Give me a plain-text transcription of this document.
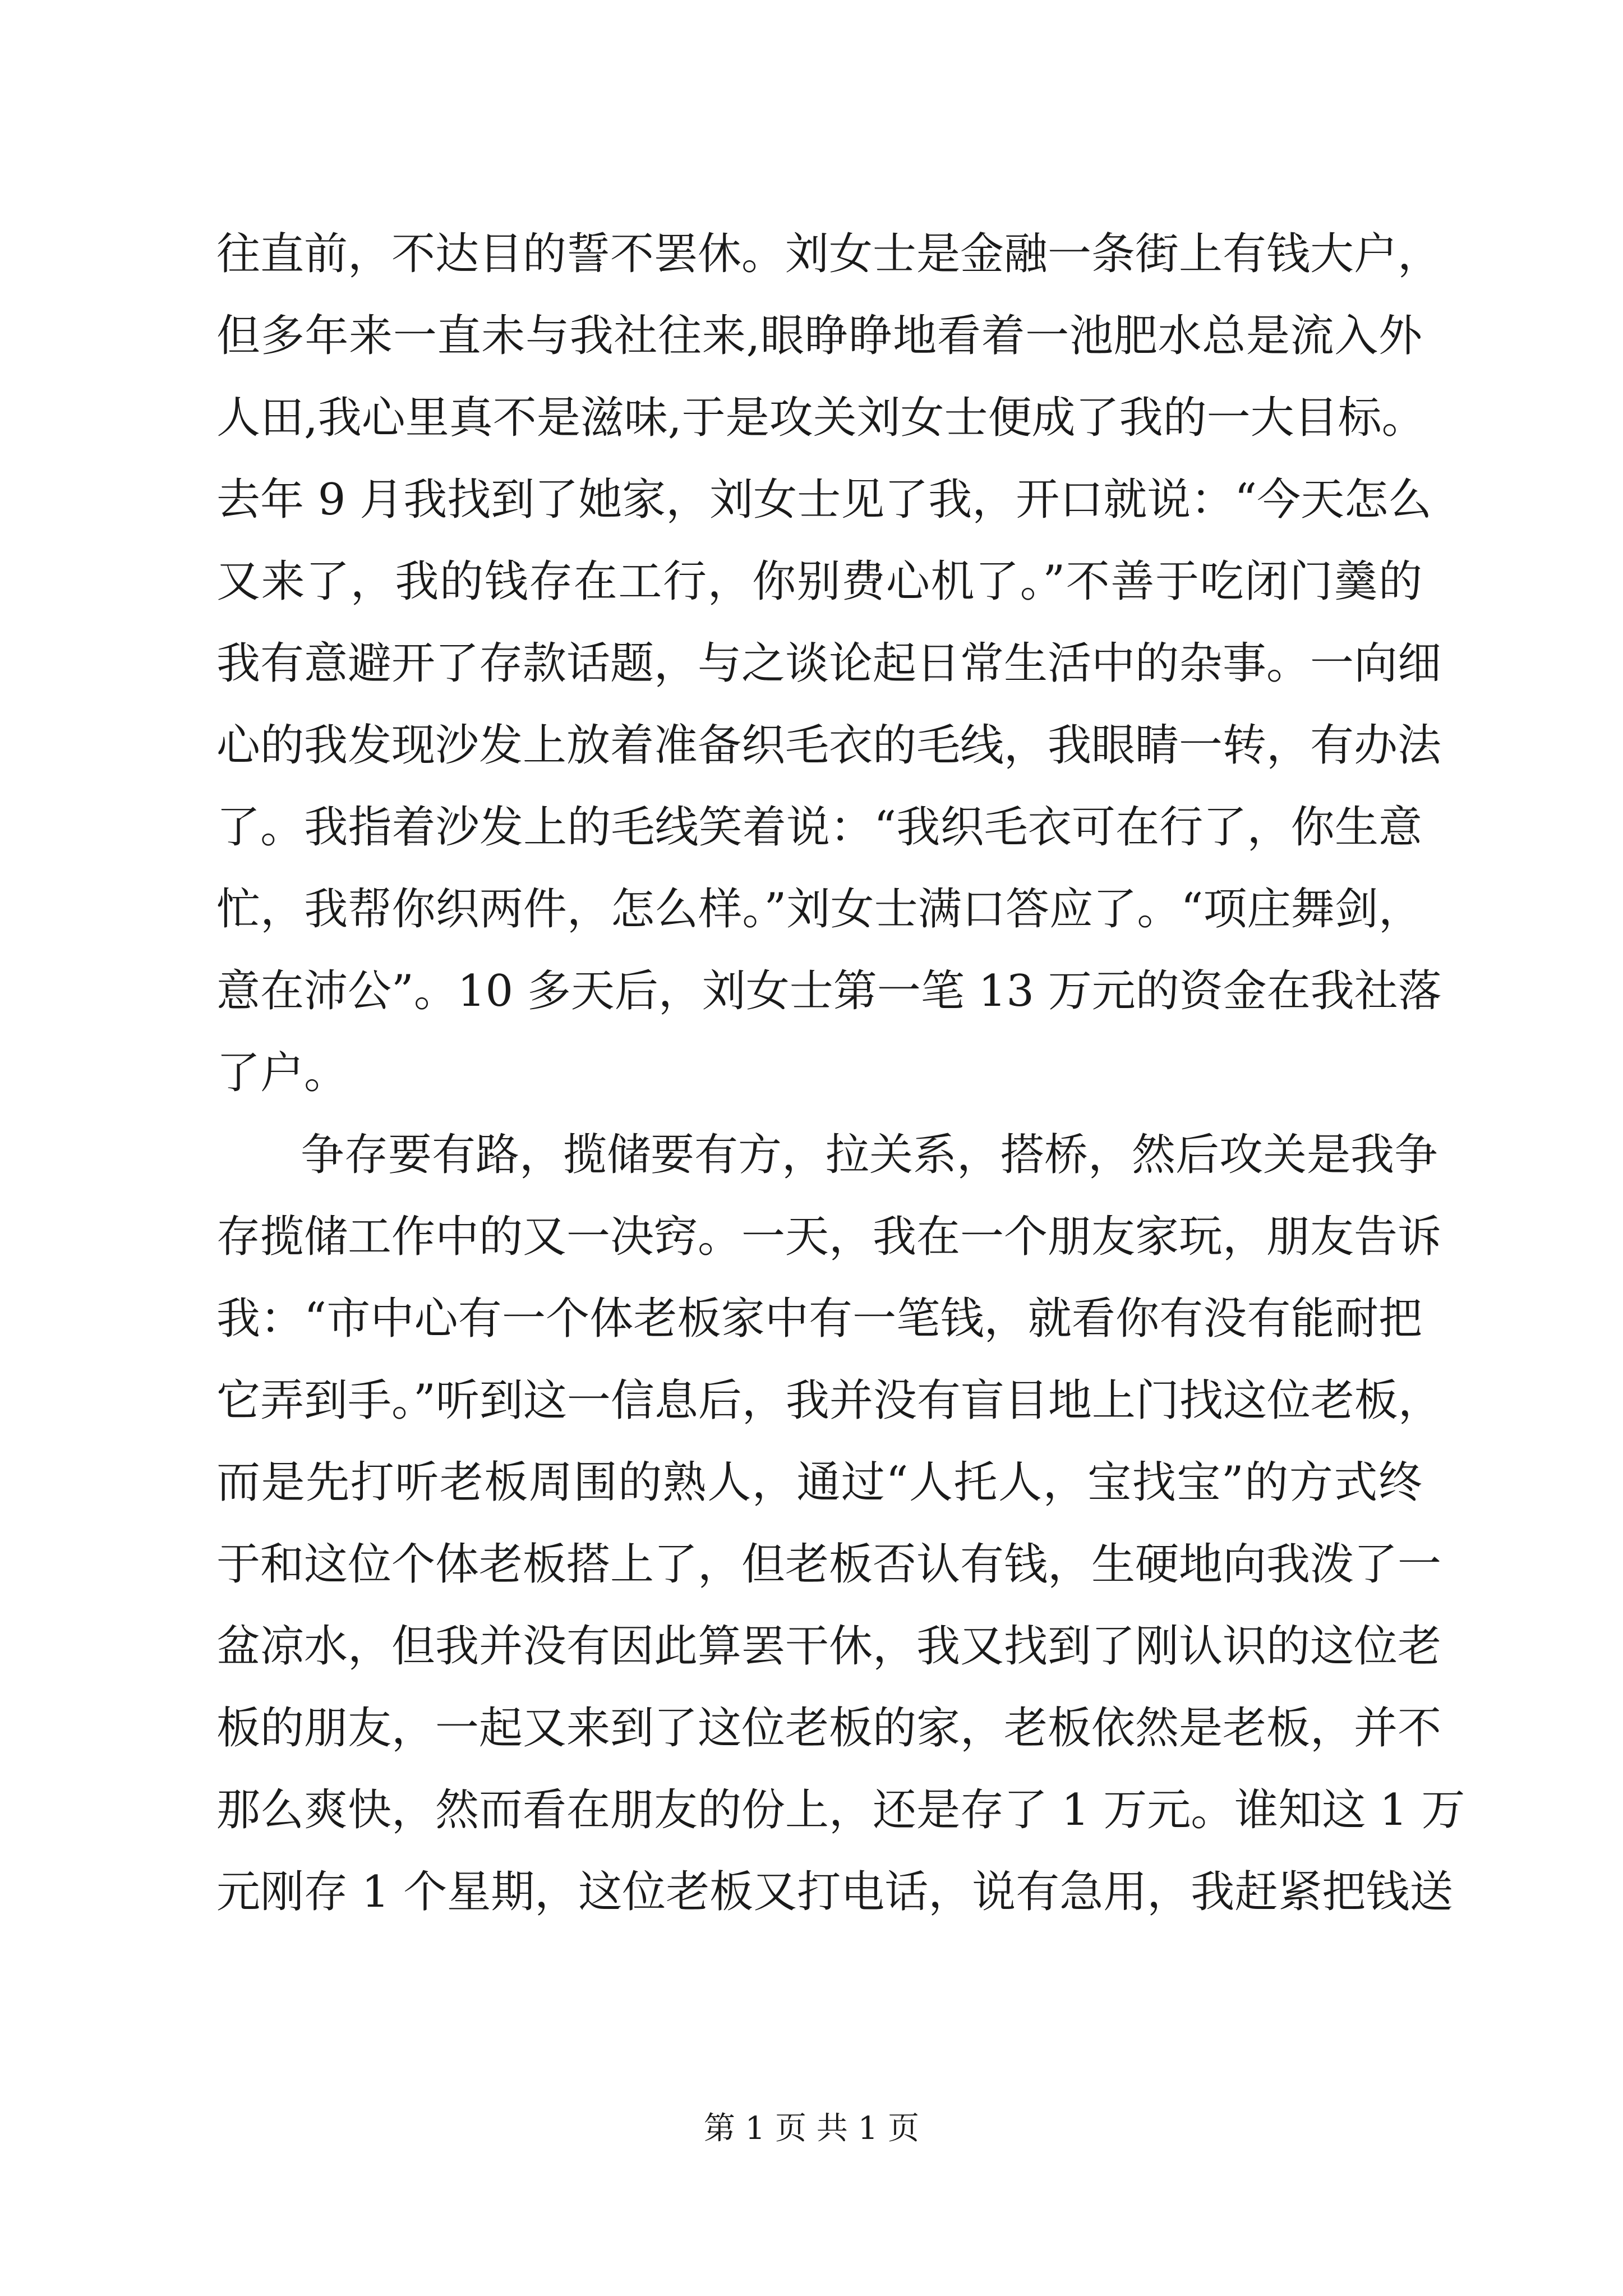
往直前，不达目的誓不罢休。刘女士是金融一条街上有钱大户，
但多年来一直未与我社往来,眼睁睁地看着一池肥水总是流入外
人田,我心里真不是滋味,于是攻关刘女士便成了我的一大目标。
去年 9 月我找到了她家，刘女士见了我，开口就说：“今天怎么
又来了，我的钱存在工行，你别费心机了。”不善于吃闭门羹的
我有意避开了存款话题，与之谈论起日常生活中的杂事。一向细
心的我发现沙发上放着准备织毛衣的毛线，我眼睛一转，有办法
了。我指着沙发上的毛线笑着说：“我织毛衣可在行了，你生意
忙，我帮你织两件，怎么样。”刘女士满口答应了。“项庄舞剑，
意在沛公”。10 多天后，刘女士第一笔 13 万元的资金在我社落
了户。
争存要有路，揽储要有方，拉关系，搭桥，然后攻关是我争
存揽储工作中的又一决窍。一天，我在一个朋友家玩，朋友告诉
我：“市中心有一个体老板家中有一笔钱，就看你有没有能耐把
它弄到手。”听到这一信息后，我并没有盲目地上门找这位老板，
而是先打听老板周围的熟人，通过“人托人，宝找宝”的方式终
于和这位个体老板搭上了，但老板否认有钱，生硬地向我泼了一
盆凉水，但我并没有因此算罢干休，我又找到了刚认识的这位老
板的朋友，一起又来到了这位老板的家，老板依然是老板，并不
那么爽快，然而看在朋友的份上，还是存了 1 万元。谁知这 1 万
元刚存 1 个星期，这位老板又打电话，说有急用，我赶紧把钱送
第 1 页 共 1 页
